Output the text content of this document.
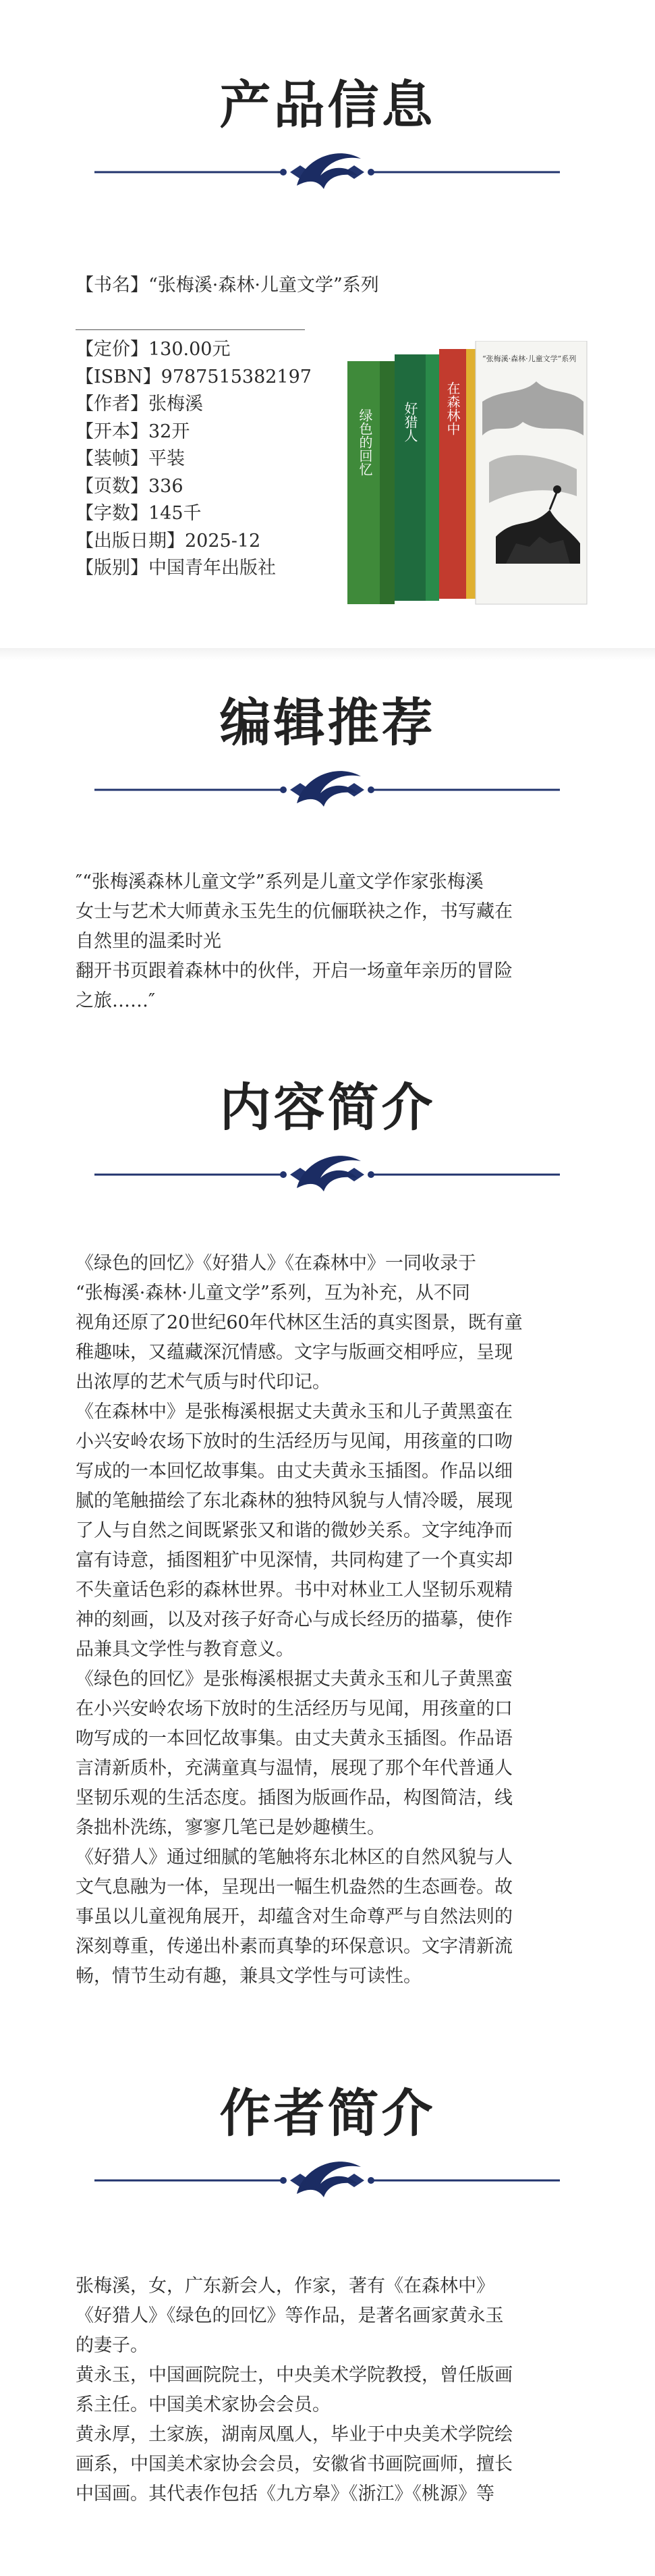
产品信息
【书名】“张梅溪·森林·儿童文学”系列
【定价】130.00元
【ISBN】9787515382197
【作者】张梅溪
【开本】32开
【装帧】平装
【页数】336
【字数】145千
【出版日期】2025-12
【版别】中国青年出版社
绿色的回忆 好猎人 在森林中
“张梅溪·森林·儿童文学”系列
编辑推荐

″“张梅溪森林儿童文学”系列是儿童文学作家张梅溪

女士与艺术大师黄永玉先生的伉俪联袂之作，书写藏在

自然里的温柔时光

翻开书页跟着森林中的伙伴，开启一场童年亲历的冒险

之旅……″

内容简介

《绿色的回忆》《好猎人》《在森林中》一同收录于

“张梅溪·森林·儿童文学”系列，互为补充，从不同

视角还原了20世纪60年代林区生活的真实图景，既有童

稚趣味，又蕴藏深沉情感。文字与版画交相呼应，呈现

出浓厚的艺术气质与时代印记。

《在森林中》是张梅溪根据丈夫黄永玉和儿子黄黑蛮在

小兴安岭农场下放时的生活经历与见闻，用孩童的口吻

写成的一本回忆故事集。由丈夫黄永玉插图。作品以细

腻的笔触描绘了东北森林的独特风貌与人情冷暖，展现

了人与自然之间既紧张又和谐的微妙关系。文字纯净而

富有诗意，插图粗犷中见深情，共同构建了一个真实却

不失童话色彩的森林世界。书中对林业工人坚韧乐观精

神的刻画，以及对孩子好奇心与成长经历的描摹，使作

品兼具文学性与教育意义。

《绿色的回忆》是张梅溪根据丈夫黄永玉和儿子黄黑蛮

在小兴安岭农场下放时的生活经历与见闻，用孩童的口

吻写成的一本回忆故事集。由丈夫黄永玉插图。作品语

言清新质朴，充满童真与温情，展现了那个年代普通人

坚韧乐观的生活态度。插图为版画作品，构图简洁，线

条拙朴洗练，寥寥几笔已是妙趣横生。

《好猎人》通过细腻的笔触将东北林区的自然风貌与人

文气息融为一体，呈现出一幅生机盎然的生态画卷。故

事虽以儿童视角展开，却蕴含对生命尊严与自然法则的

深刻尊重，传递出朴素而真挚的环保意识。文字清新流

畅，情节生动有趣，兼具文学性与可读性。

作者简介

张梅溪，女，广东新会人，作家，著有《在森林中》

《好猎人》《绿色的回忆》等作品，是著名画家黄永玉

的妻子。

黄永玉，中国画院院士，中央美术学院教授，曾任版画

系主任。中国美术家协会会员。

黄永厚，土家族，湖南凤凰人，毕业于中央美术学院绘

画系，中国美术家协会会员，安徽省书画院画师，擅长

中国画。其代表作包括《九方皋》《浙江》《桃源》等
